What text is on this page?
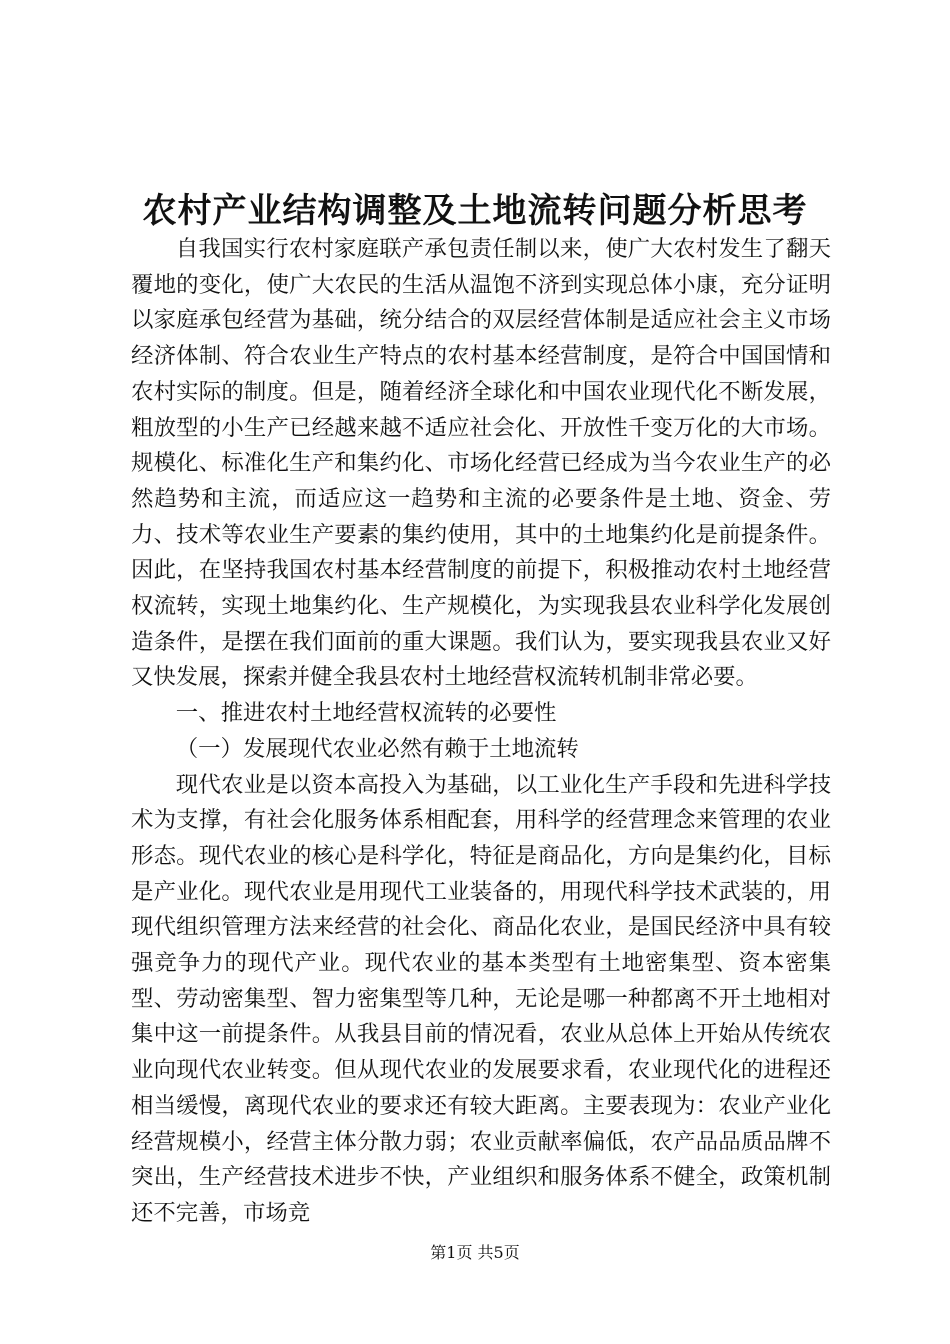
农村产业结构调整及土地流转问题分析思考

自我国实行农村家庭联产承包责任制以来，使广大农村发生了翻天覆地的变化，使广大农民的生活从温饱不济到实现总体小康，充分证明以家庭承包经营为基础，统分结合的双层经营体制是适应社会主义市场经济体制、符合农业生产特点的农村基本经营制度，是符合中国国情和农村实际的制度。但是，随着经济全球化和中国农业现代化不断发展，粗放型的小生产已经越来越不适应社会化、开放性千变万化的大市场。规模化、标准化生产和集约化、市场化经营已经成为当今农业生产的必然趋势和主流，而适应这一趋势和主流的必要条件是土地、资金、劳力、技术等农业生产要素的集约使用，其中的土地集约化是前提条件。因此，在坚持我国农村基本经营制度的前提下，积极推动农村土地经营权流转，实现土地集约化、生产规模化，为实现我县农业科学化发展创造条件，是摆在我们面前的重大课题。我们认为，要实现我县农业又好又快发展，探索并健全我县农村土地经营权流转机制非常必要。

一、推进农村土地经营权流转的必要性

（一）发展现代农业必然有赖于土地流转

现代农业是以资本高投入为基础，以工业化生产手段和先进科学技术为支撑，有社会化服务体系相配套，用科学的经营理念来管理的农业形态。现代农业的核心是科学化，特征是商品化，方向是集约化，目标是产业化。现代农业是用现代工业装备的，用现代科学技术武装的，用现代组织管理方法来经营的社会化、商品化农业，是国民经济中具有较强竞争力的现代产业。现代农业的基本类型有土地密集型、资本密集型、劳动密集型、智力密集型等几种，无论是哪一种都离不开土地相对集中这一前提条件。从我县目前的情况看，农业从总体上开始从传统农业向现代农业转变。但从现代农业的发展要求看，农业现代化的进程还相当缓慢，离现代农业的要求还有较大距离。主要表现为：农业产业化经营规模小，经营主体分散力弱；农业贡献率偏低，农产品品质品牌不突出，生产经营技术进步不快，产业组织和服务体系不健全，政策机制还不完善，市场竞

第1页 共5页
